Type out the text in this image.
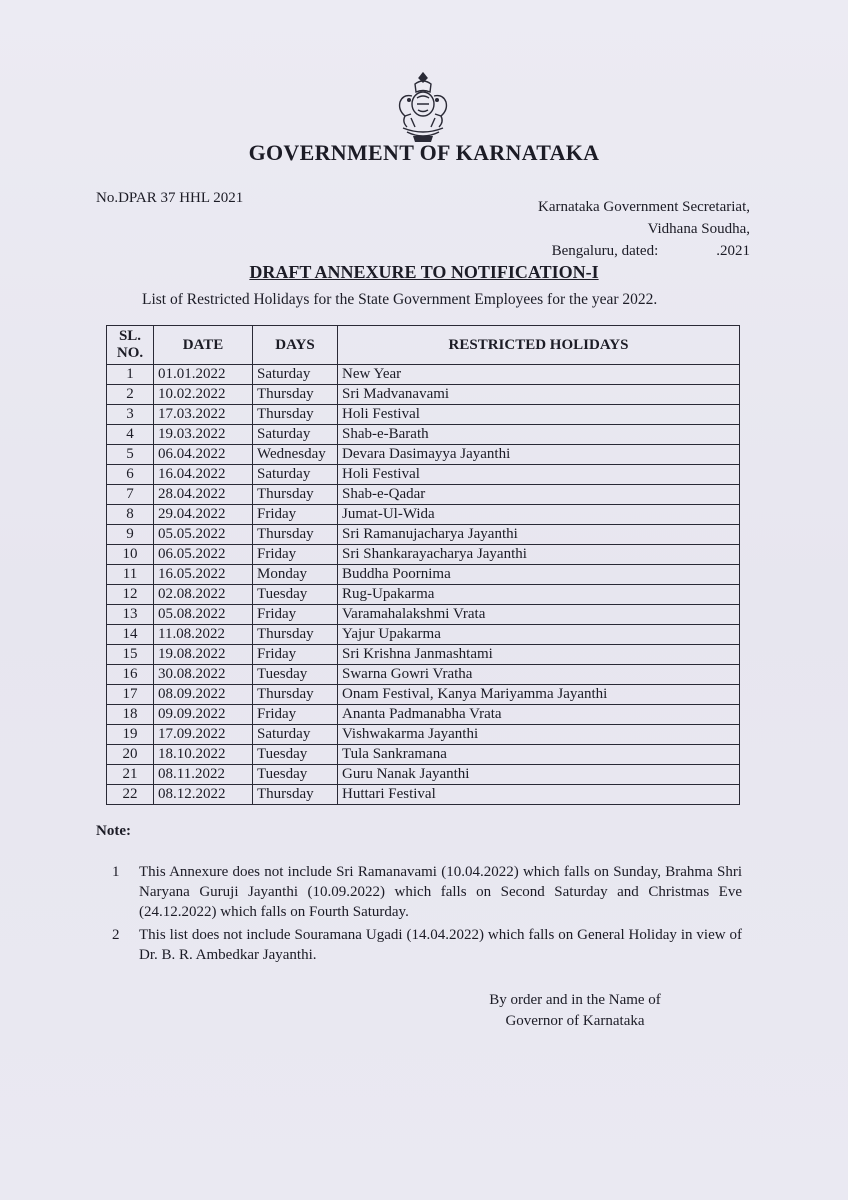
GOVERNMENT OF KARNATAKA
No.DPAR 37 HHL 2021
Karnataka Government Secretariat,
Vidhana Soudha,
Bengaluru, dated:	.2021
DRAFT ANNEXURE TO NOTIFICATION-I
List of Restricted Holidays for the State Government Employees for the year 2022.
SL. NO.	DATE	DAYS	RESTRICTED HOLIDAYS
1	01.01.2022	Saturday	New Year
2	10.02.2022	Thursday	Sri Madvanavami
3	17.03.2022	Thursday	Holi Festival
4	19.03.2022	Saturday	Shab-e-Barath
5	06.04.2022	Wednesday	Devara Dasimayya Jayanthi
6	16.04.2022	Saturday	Holi Festival
7	28.04.2022	Thursday	Shab-e-Qadar
8	29.04.2022	Friday	Jumat-Ul-Wida
9	05.05.2022	Thursday	Sri Ramanujacharya Jayanthi
10	06.05.2022	Friday	Sri Shankarayacharya Jayanthi
11	16.05.2022	Monday	Buddha Poornima
12	02.08.2022	Tuesday	Rug-Upakarma
13	05.08.2022	Friday	Varamahalakshmi Vrata
14	11.08.2022	Thursday	Yajur Upakarma
15	19.08.2022	Friday	Sri Krishna Janmashtami
16	30.08.2022	Tuesday	Swarna Gowri Vratha
17	08.09.2022	Thursday	Onam Festival, Kanya Mariyamma Jayanthi
18	09.09.2022	Friday	Ananta Padmanabha Vrata
19	17.09.2022	Saturday	Vishwakarma Jayanthi
20	18.10.2022	Tuesday	Tula Sankramana
21	08.11.2022	Tuesday	Guru Nanak Jayanthi
22	08.12.2022	Thursday	Huttari Festival
Note:
1	This Annexure does not include Sri Ramanavami (10.04.2022) which falls on Sunday, Brahma Shri Naryana Guruji Jayanthi (10.09.2022) which falls on Second Saturday and Christmas Eve (24.12.2022) which falls on Fourth Saturday.
2	This list does not include Souramana Ugadi (14.04.2022) which falls on General Holiday in view of Dr. B. R. Ambedkar Jayanthi.
By order and in the Name of
Governor of Karnataka
